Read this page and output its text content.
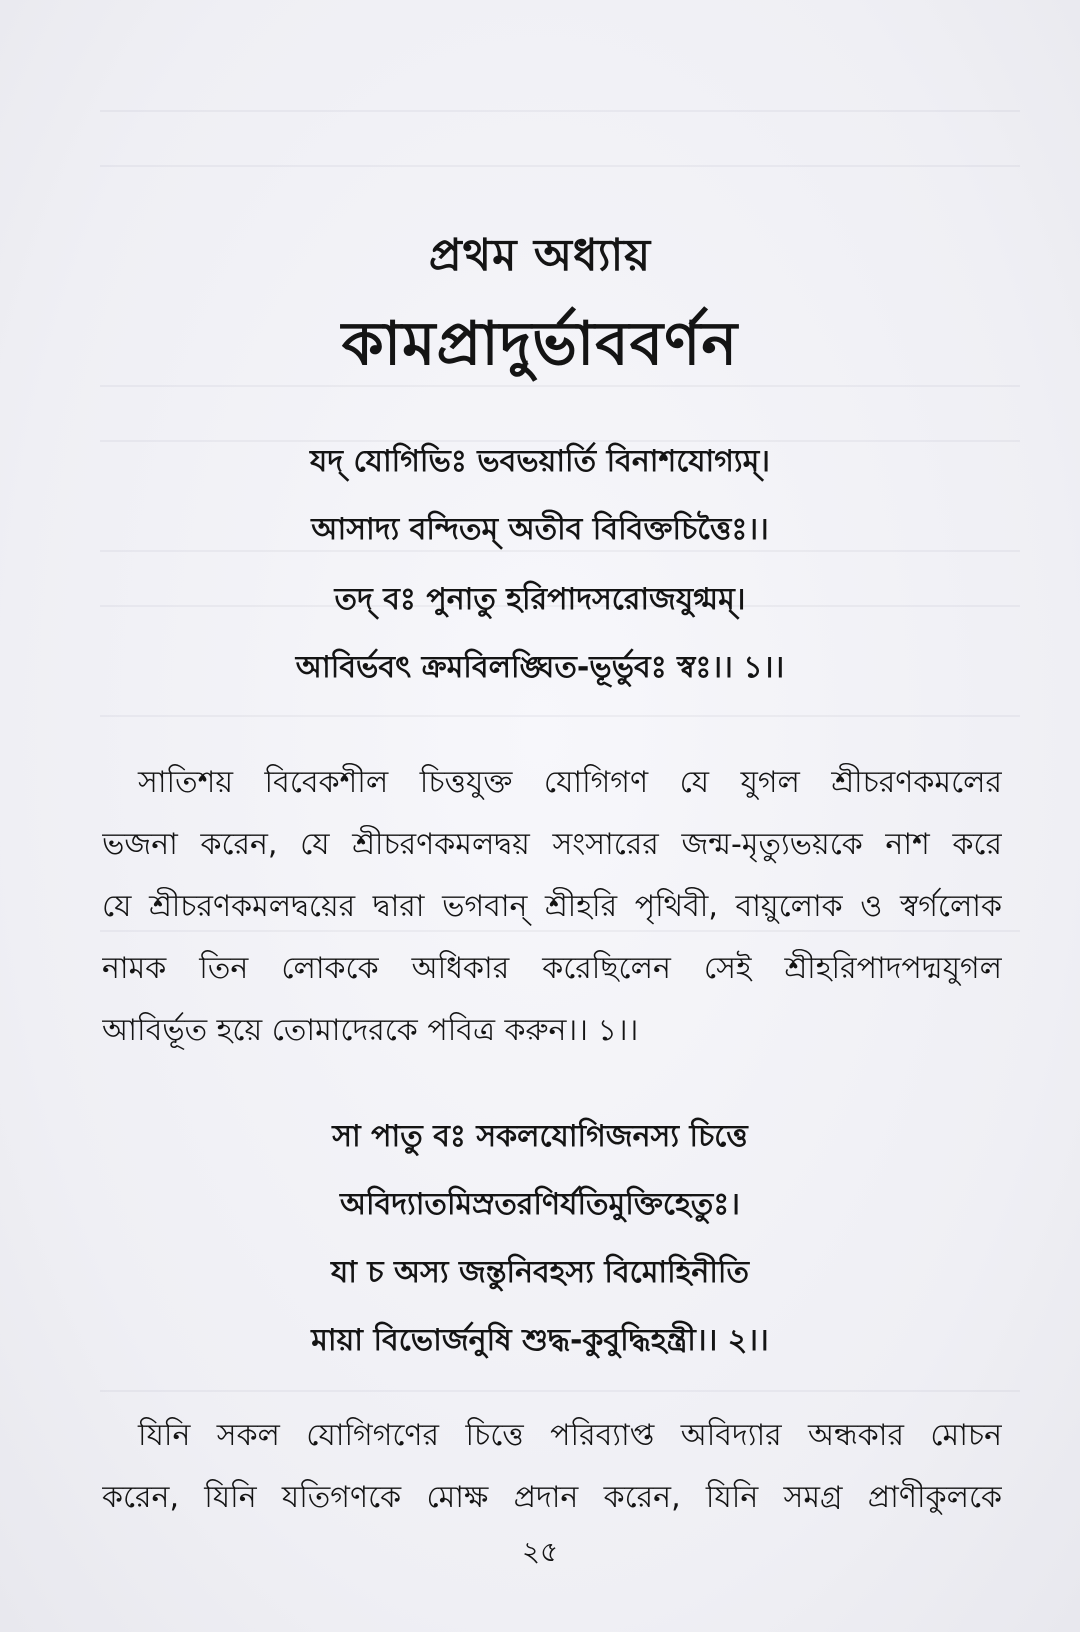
প্রথম অধ্যায়
কামপ্রাদুর্ভাববর্ণন
যদ্ যোগিভিঃ ভবভয়ার্তি বিনাশযোগ্যম্।
আসাদ্য বন্দিতম্ অতীব বিবিক্তচিত্তৈঃ।।
তদ্ বঃ পুনাতু হরিপাদসরোজযুগ্মম্।
আবির্ভবৎ ক্রমবিলঙ্ঘিত-ভূর্ভুবঃ স্বঃ।। ১।।
সাতিশয় বিবেকশীল চিত্তযুক্ত যোগিগণ যে যুগল শ্রীচরণকমলের
ভজনা করেন, যে শ্রীচরণকমলদ্বয় সংসারের জন্ম-মৃত্যুভয়কে নাশ করে
যে শ্রীচরণকমলদ্বয়ের দ্বারা ভগবান্ শ্রীহরি পৃথিবী, বায়ুলোক ও স্বর্গলোক
নামক তিন লোককে অধিকার করেছিলেন সেই শ্রীহরিপাদপদ্মযুগল
আবির্ভূত হয়ে তোমাদেরকে পবিত্র করুন।। ১।।
সা পাতু বঃ সকলযোগিজনস্য চিত্তে
অবিদ্যাতমিস্রতরণির্যতিমুক্তিহেতুঃ।
যা চ অস্য জন্তুনিবহস্য বিমোহিনীতি
মায়া বিভোর্জনুষি শুদ্ধ-কুবুদ্ধিহন্ত্রী।। ২।।
যিনি সকল যোগিগণের চিত্তে পরিব্যাপ্ত অবিদ্যার অন্ধকার মোচন
করেন, যিনি যতিগণকে মোক্ষ প্রদান করেন, যিনি সমগ্র প্রাণীকুলকে
২৫
